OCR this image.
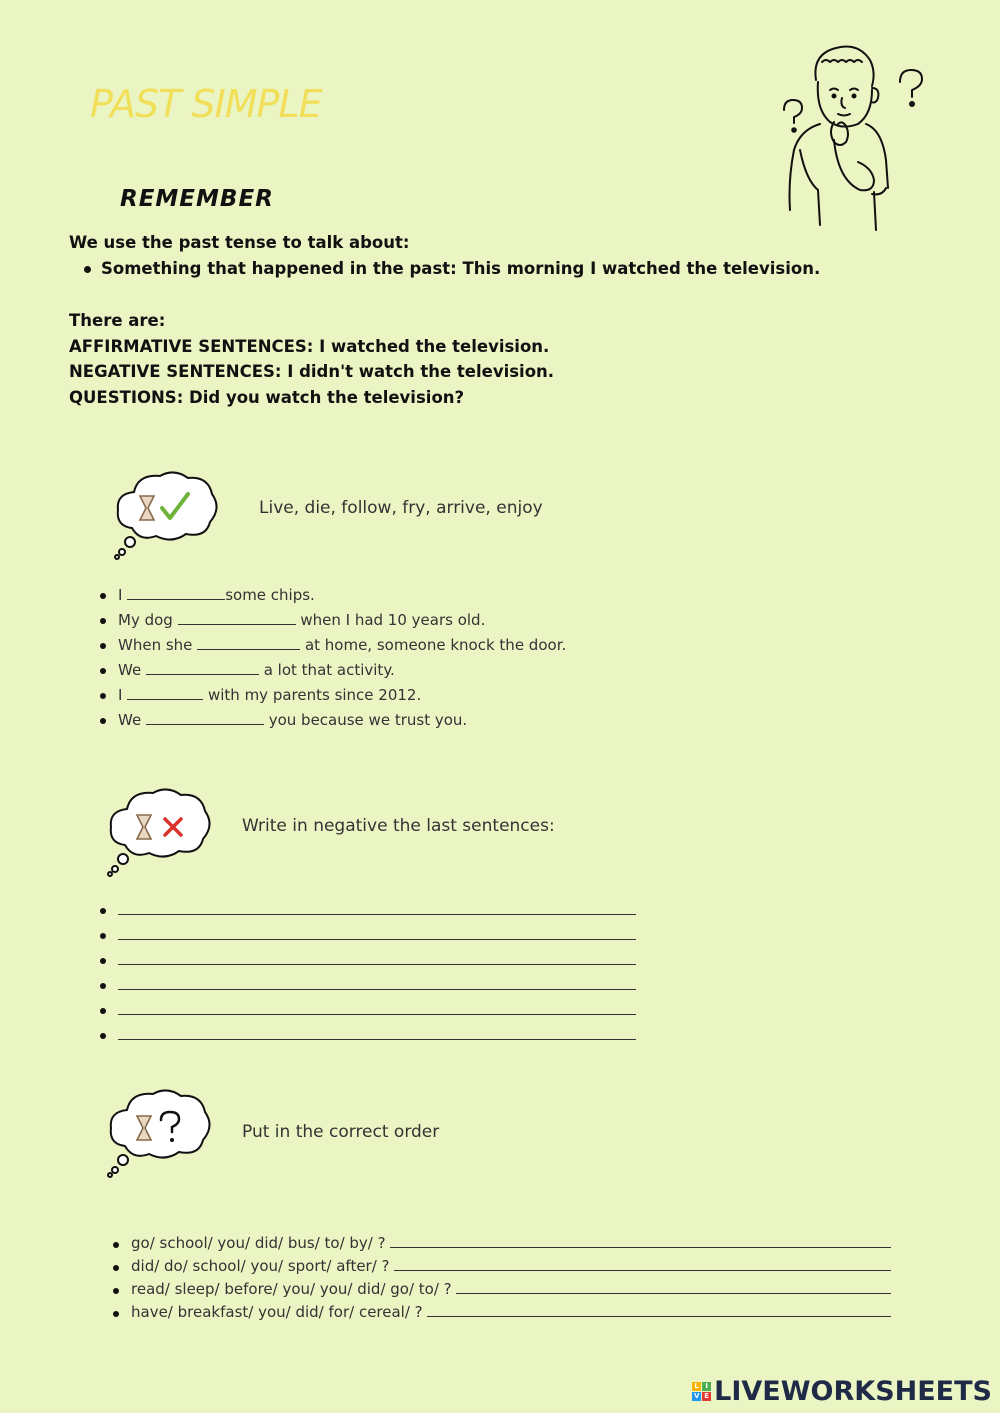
PAST SIMPLE
REMEMBER
We use the past tense to talk about:
Something that happened in the past: This morning I watched the television.
There are:
AFFIRMATIVE SENTENCES: I watched the television.
NEGATIVE SENTENCES: I didn't watch the television.
QUESTIONS: Did you watch the television?
Live, die, follow, fry, arrive, enjoy
I	some chips.
My dog	when I had 10 years old.
When she	at home, someone knock the door.
We	a lot that activity.
I	with my parents since 2012.
We	you because we trust you.
Write in negative the last sentences:
Put in the correct order
go/ school/ you/ did/ bus/ to/ by/ ?
did/ do/ school/ you/ sport/ after/ ?
read/ sleep/ before/ you/ you/ did/ go/ to/ ?
have/ breakfast/ you/ did/ for/ cereal/ ?
L I
V E LIVEWORKSHEETS
